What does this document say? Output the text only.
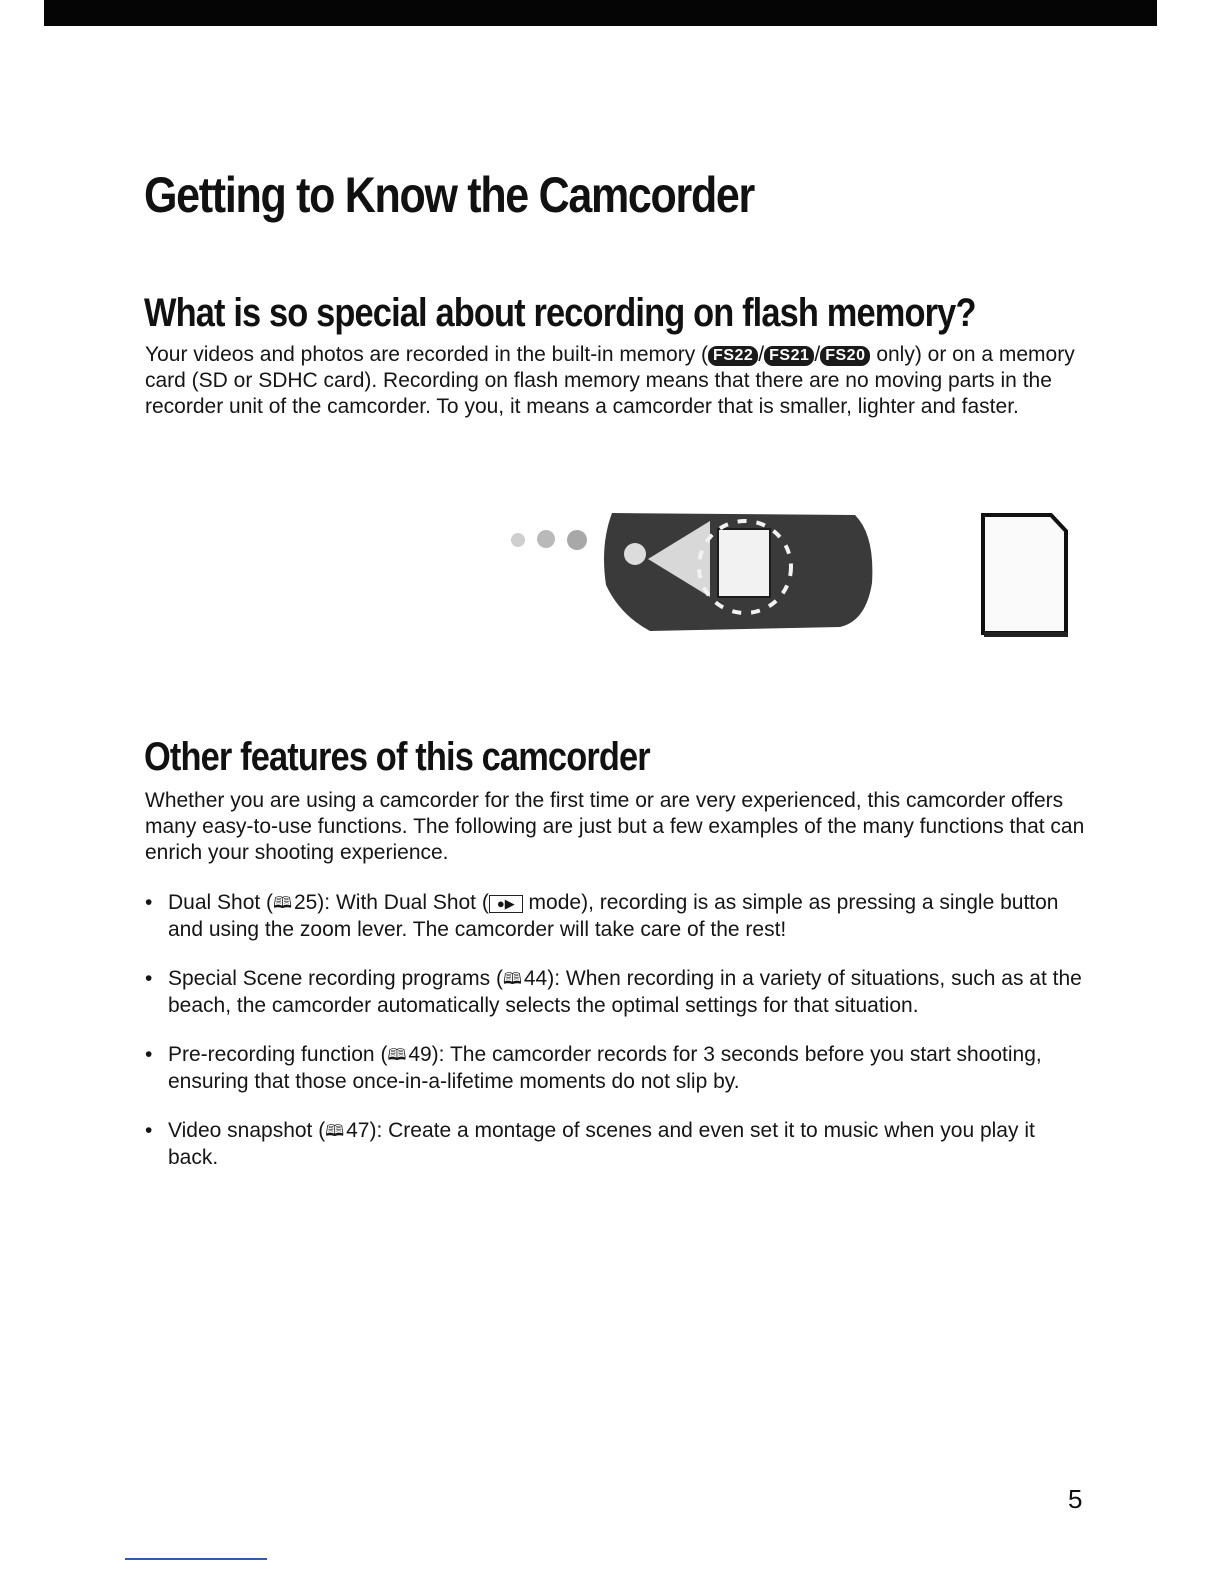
Getting to Know the Camcorder
What is so special about recording on flash memory?

Your videos and photos are recorded in the built-in memory ( FS22 / FS21 / FS20 only) or on a memory card (SD or SDHC card). Recording on flash memory means that there are no moving parts in the recorder unit of the camcorder. To you, it means a camcorder that is smaller, lighter and faster.

Other features of this camcorder

Whether you are using a camcorder for the first time or are very experienced, this camcorder offers many easy-to-use functions. The following are just but a few examples of the many functions that can enrich your shooting experience.

• Dual Shot (🕮25): With Dual Shot ( ●▶ mode), recording is as simple as pressing a single button and using the zoom lever. The camcorder will take care of the rest!
• Special Scene recording programs (🕮44): When recording in a variety of situations, such as at the beach, the camcorder automatically selects the optimal settings for that situation.
• Pre-recording function (🕮49): The camcorder records for 3 seconds before you start shooting, ensuring that those once-in-a-lifetime moments do not slip by.
• Video snapshot (🕮47): Create a montage of scenes and even set it to music when you play it back.
5
